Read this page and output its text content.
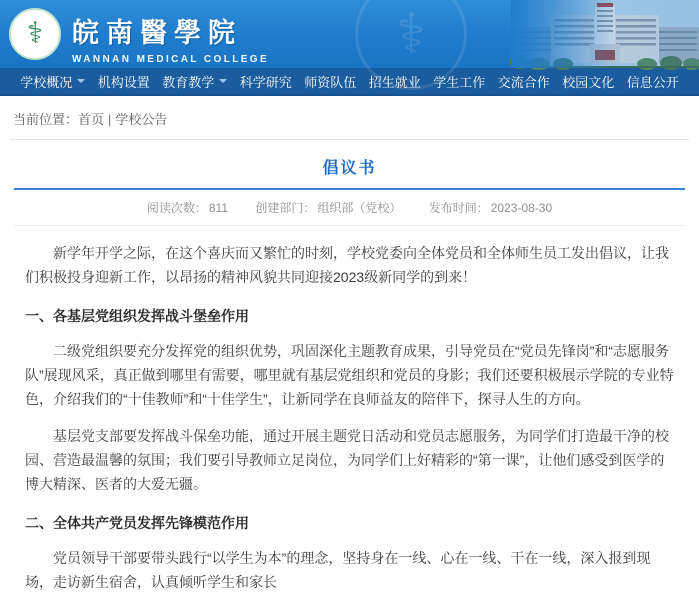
⚕ 皖南醫學院
WANNAN MEDICAL COLLEGE	⚕
学校概况 机构设置 教育教学 科学研究 师资队伍 招生就业 学生工作 交流合作 校园文化 信息公开
当前位置：首页 | 学校公告
倡议书
阅读次数： 811 创建部门： 组织部（党校） 发布时间： 2023-08-30

新学年开学之际，在这个喜庆而又繁忙的时刻，学校党委向全体党员和全体师生员工发出倡议，让我们积极投身迎新工作，以昂扬的精神风貌共同迎接2023级新同学的到来！

一、各基层党组织发挥战斗堡垒作用

二级党组织要充分发挥党的组织优势，巩固深化主题教育成果，引导党员在“党员先锋岗”和“志愿服务队”展现风采，真正做到哪里有需要，哪里就有基层党组织和党员的身影；我们还要积极展示学院的专业特色，介绍我们的“十佳教师”和“十佳学生”，让新同学在良师益友的陪伴下，探寻人生的方向。

基层党支部要发挥战斗保垒功能，通过开展主题党日活动和党员志愿服务，为同学们打造最干净的校园、营造最温馨的氛围；我们要引导教师立足岗位，为同学们上好精彩的“第一课”，让他们感受到医学的博大精深、医者的大爱无疆。

二、全体共产党员发挥先锋模范作用

党员领导干部要带头践行“以学生为本”的理念，坚持身在一线、心在一线、干在一线，深入报到现场，走访新生宿舍，认真倾听学生和家长
